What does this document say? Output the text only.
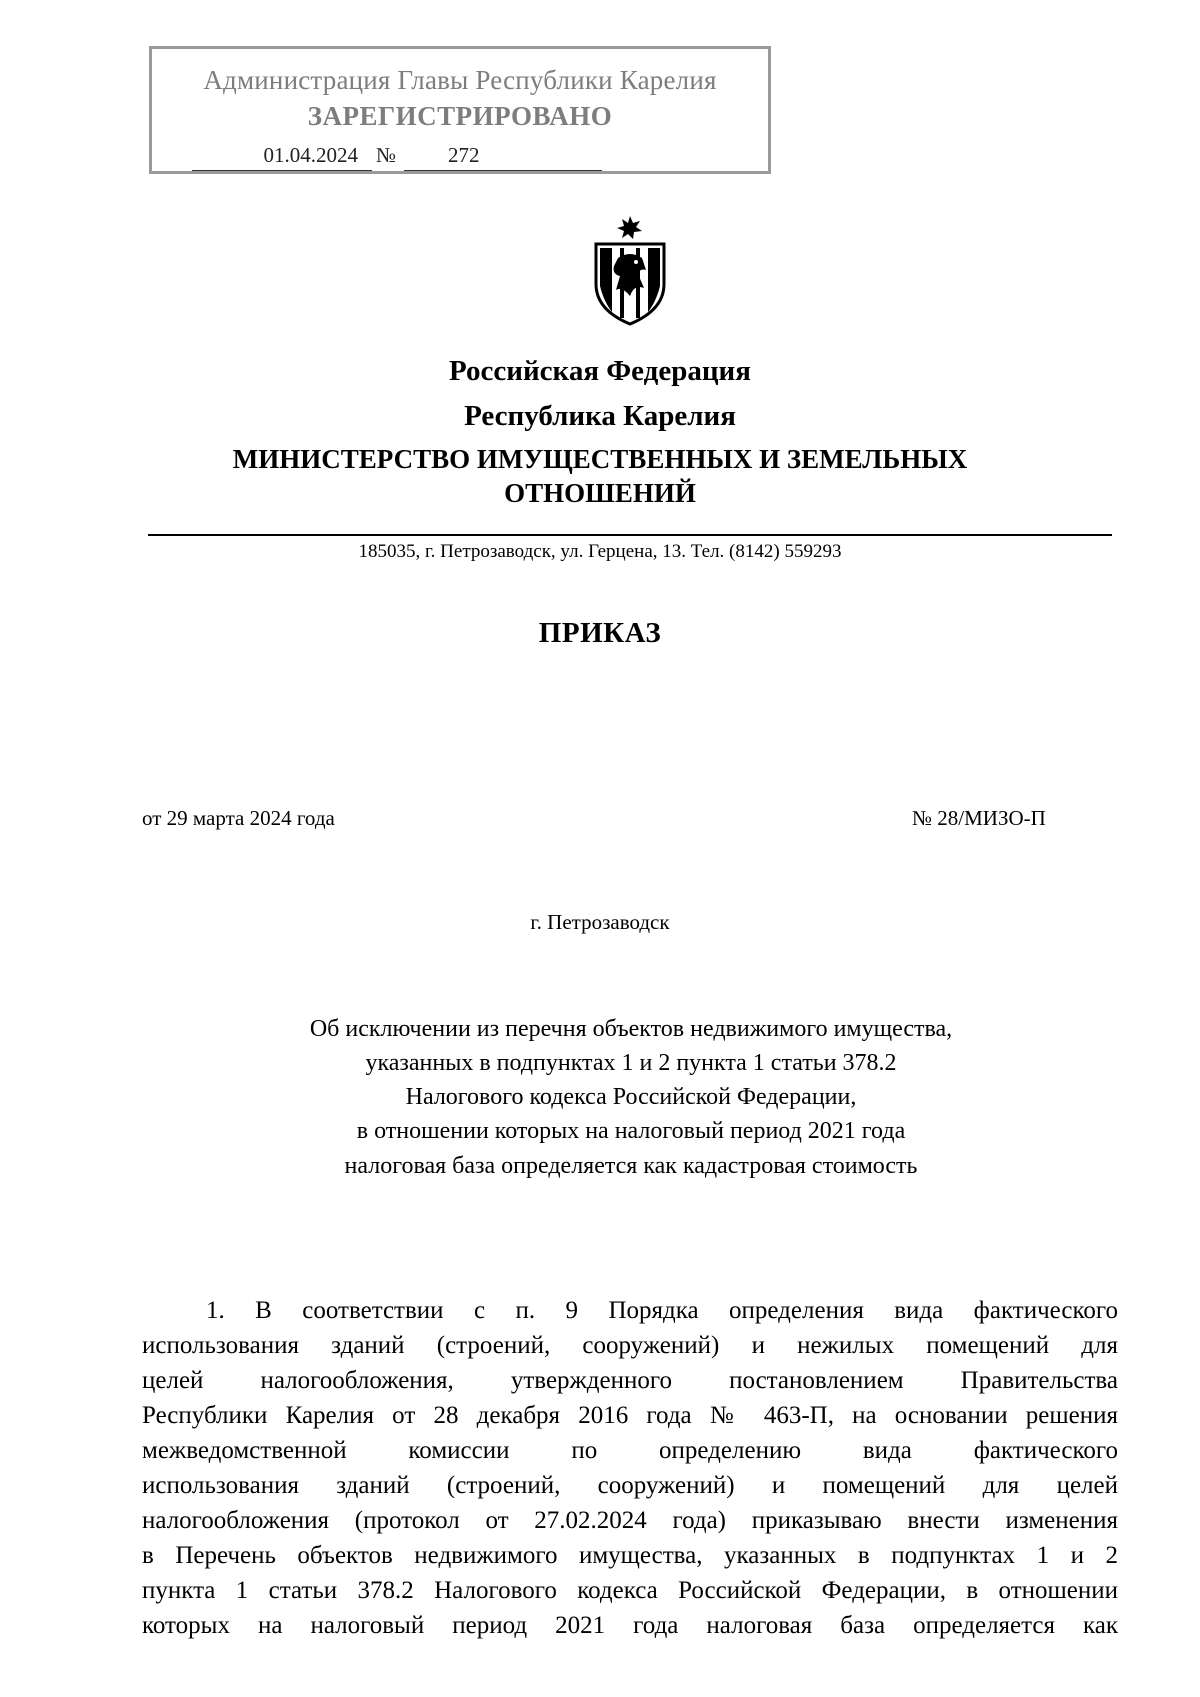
Администрация Главы Республики Карелия
ЗАРЕГИСТРИРОВАНО
01.04.2024 №	272
Российская Федерация
Республика Карелия
МИНИСТЕРСТВО ИМУЩЕСТВЕННЫХ И ЗЕМЕЛЬНЫХ
ОТНОШЕНИЙ
185035, г. Петрозаводск, ул. Герцена, 13. Тел. (8142) 559293
ПРИКАЗ
от 29 марта 2024 года	№ 28/МИЗО-П
г. Петрозаводск
Об исключении из перечня объектов недвижимого имущества,
указанных в подпунктах 1 и 2 пункта 1 статьи 378.2
Налогового кодекса Российской Федерации,
в отношении которых на налоговый период 2021 года
налоговая база определяется как кадастровая стоимость
1. В соответствии с п. 9 Порядка определения вида фактического
использования зданий (строений, сооружений) и нежилых помещений для
целей налогообложения, утвержденного постановлением Правительства
Республики Карелия от 28 декабря 2016 года № 463-П, на основании решения
межведомственной комиссии по определению вида фактического
использования зданий (строений, сооружений) и помещений для целей
налогообложения (протокол от 27.02.2024 года) приказываю внести изменения
в Перечень объектов недвижимого имущества, указанных в подпунктах 1 и 2
пункта 1 статьи 378.2 Налогового кодекса Российской Федерации, в отношении
которых на налоговый период 2021 года налоговая база определяется как
